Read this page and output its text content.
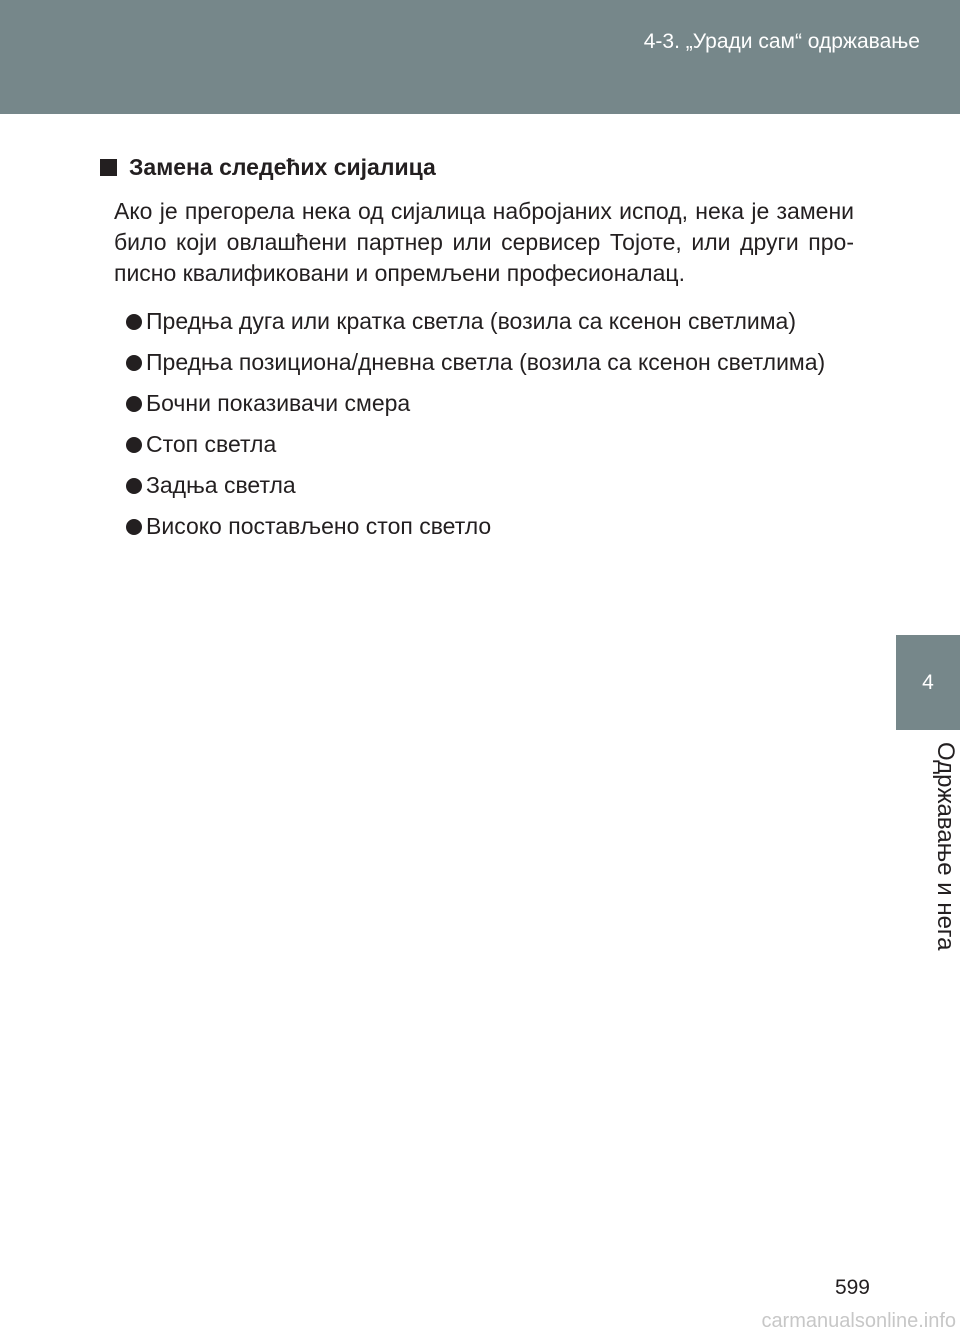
4-3. „Уради сам“ одржавање
4
Одржавање и нега
Замена следећих сијалица

Ако је прегорела нека од сијалица набројаних испод, нека је замени било који овлашћени партнер или сервисер Тојоте, или други про-писно квалификовани и опремљени професионалац.

Предња дуга или кратка светла (возила са ксенон светлима)
Предња позициона/дневна светла (возила са ксенон светлима)
Бочни показивачи смера
Стоп светла
Задња светла
Високо постављено стоп светло
599
carmanualsonline.info
